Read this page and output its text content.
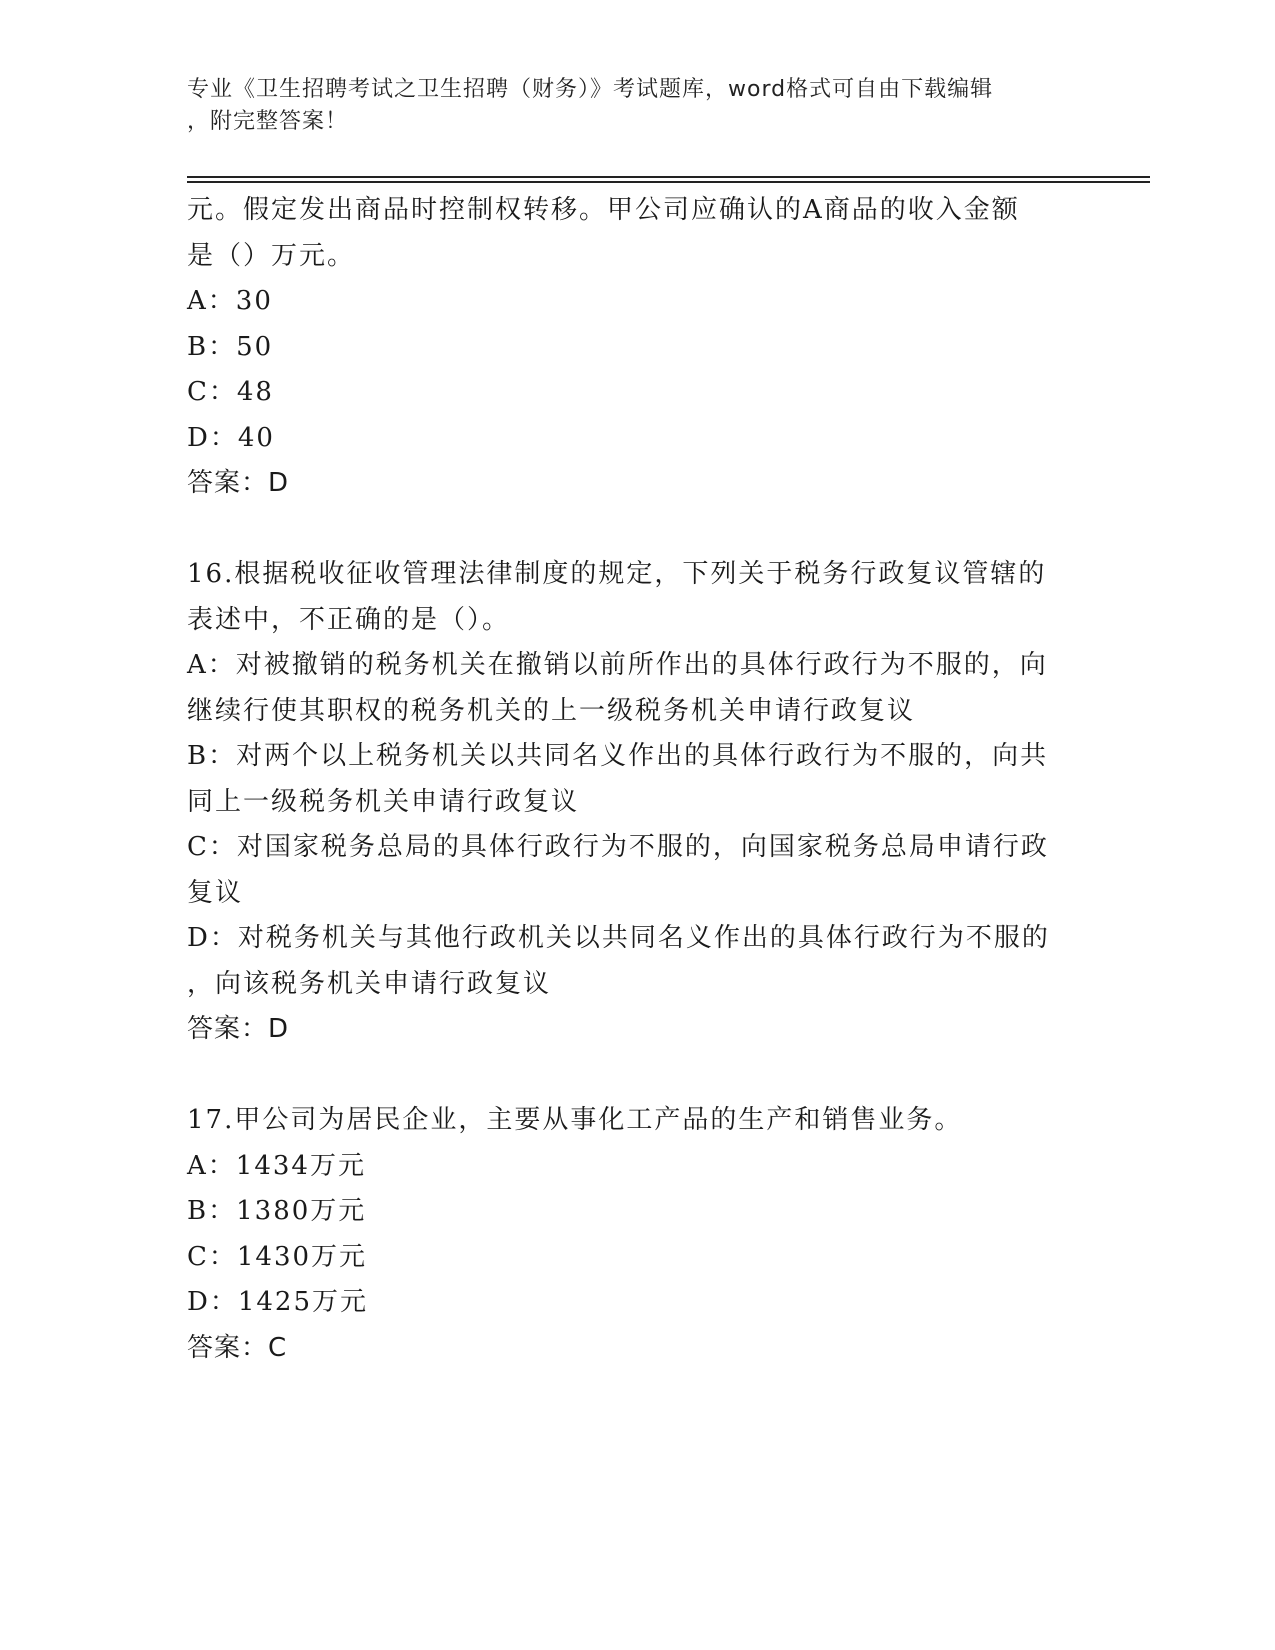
专业《卫生招聘考试之卫生招聘（财务）》考试题库，word格式可自由下载编辑
，附完整答案！
元。假定发出商品时控制权转移。甲公司应确认的A商品的收入金额
是（）万元。
A：30
B：50
C：48
D：40
答案：D
16.根据税收征收管理法律制度的规定，下列关于税务行政复议管辖的
表述中，不正确的是（）。
A：对被撤销的税务机关在撤销以前所作出的具体行政行为不服的，向
继续行使其职权的税务机关的上一级税务机关申请行政复议
B：对两个以上税务机关以共同名义作出的具体行政行为不服的，向共
同上一级税务机关申请行政复议
C：对国家税务总局的具体行政行为不服的，向国家税务总局申请行政
复议
D：对税务机关与其他行政机关以共同名义作出的具体行政行为不服的
，向该税务机关申请行政复议
答案：D
17.甲公司为居民企业，主要从事化工产品的生产和销售业务。
A：1434万元
B：1380万元
C：1430万元
D：1425万元
答案：C
